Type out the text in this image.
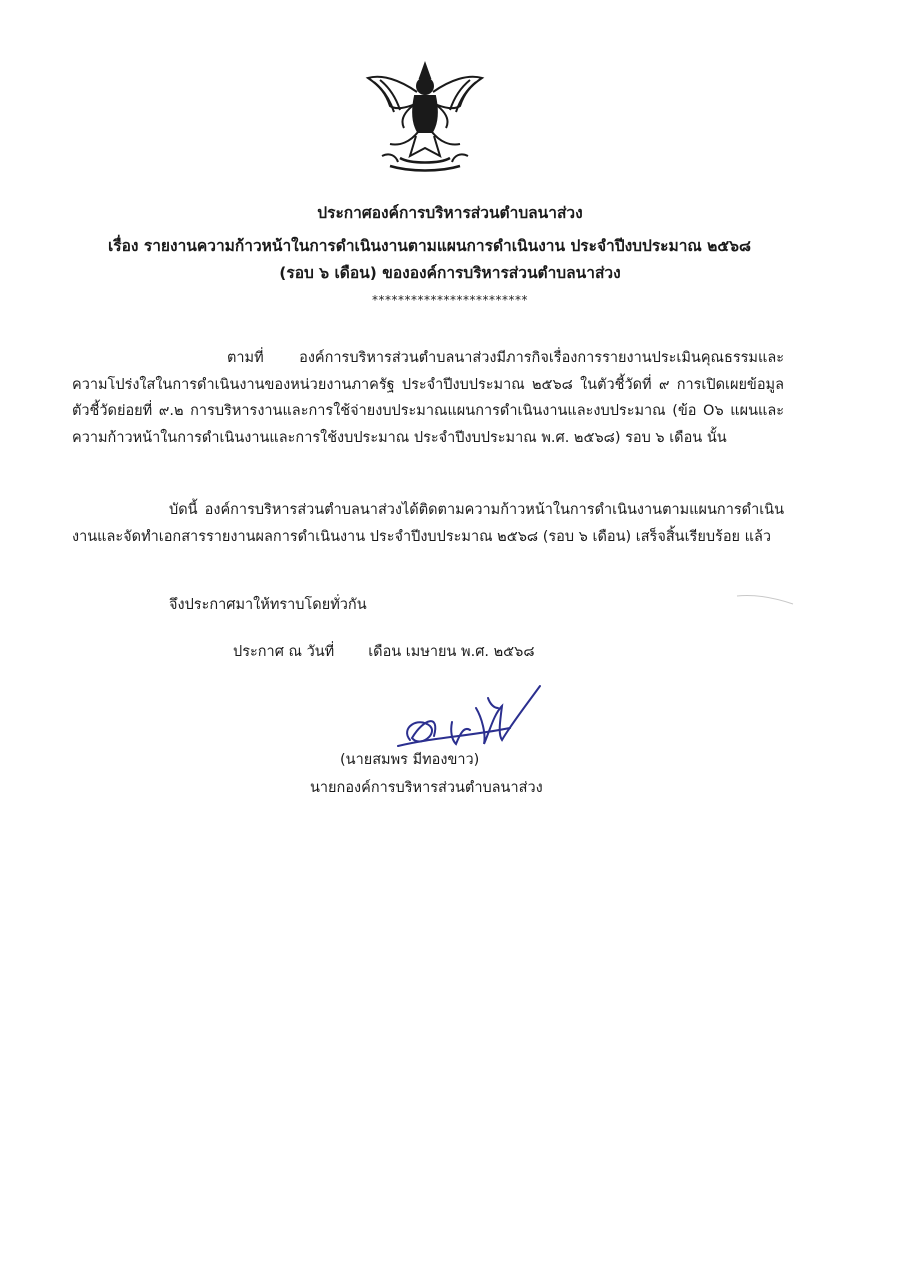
ประกาศองค์การบริหารส่วนตำบลนาส่วง
เรื่อง รายงานความก้าวหน้าในการดำเนินงานตามแผนการดำเนินงาน ประจำปีงบประมาณ ๒๕๖๘
(รอบ ๖ เดือน) ขององค์การบริหารส่วนตำบลนาส่วง
************************
ตามที่ องค์การบริหารส่วนตำบลนาส่วงมีภารกิจเรื่องการรายงานประเมินคุณธรรมและความโปร่งใสในการดำเนินงานของหน่วยงานภาครัฐ ประจำปีงบประมาณ ๒๕๖๘ ในตัวชี้วัดที่ ๙ การเปิดเผยข้อมูล ตัวชี้วัดย่อยที่ ๙.๒ การบริหารงานและการใช้จ่ายงบประมาณแผนการดำเนินงานและงบประมาณ (ข้อ O๖ แผนและความก้าวหน้าในการดำเนินงานและการใช้งบประมาณ ประจำปีงบประมาณ พ.ศ. ๒๕๖๘) รอบ ๖ เดือน นั้น
บัดนี้ องค์การบริหารส่วนตำบลนาส่วงได้ติดตามความก้าวหน้าในการดำเนินงานตามแผนการดำเนินงานและจัดทำเอกสารรายงานผลการดำเนินงาน ประจำปีงบประมาณ ๒๕๖๘ (รอบ ๖ เดือน) เสร็จสิ้นเรียบร้อย แล้ว
จึงประกาศมาให้ทราบโดยทั่วกัน
ประกาศ ณ วันที่ เดือน เมษายน พ.ศ. ๒๕๖๘
(นายสมพร มีทองขาว)
นายกองค์การบริหารส่วนตำบลนาส่วง
